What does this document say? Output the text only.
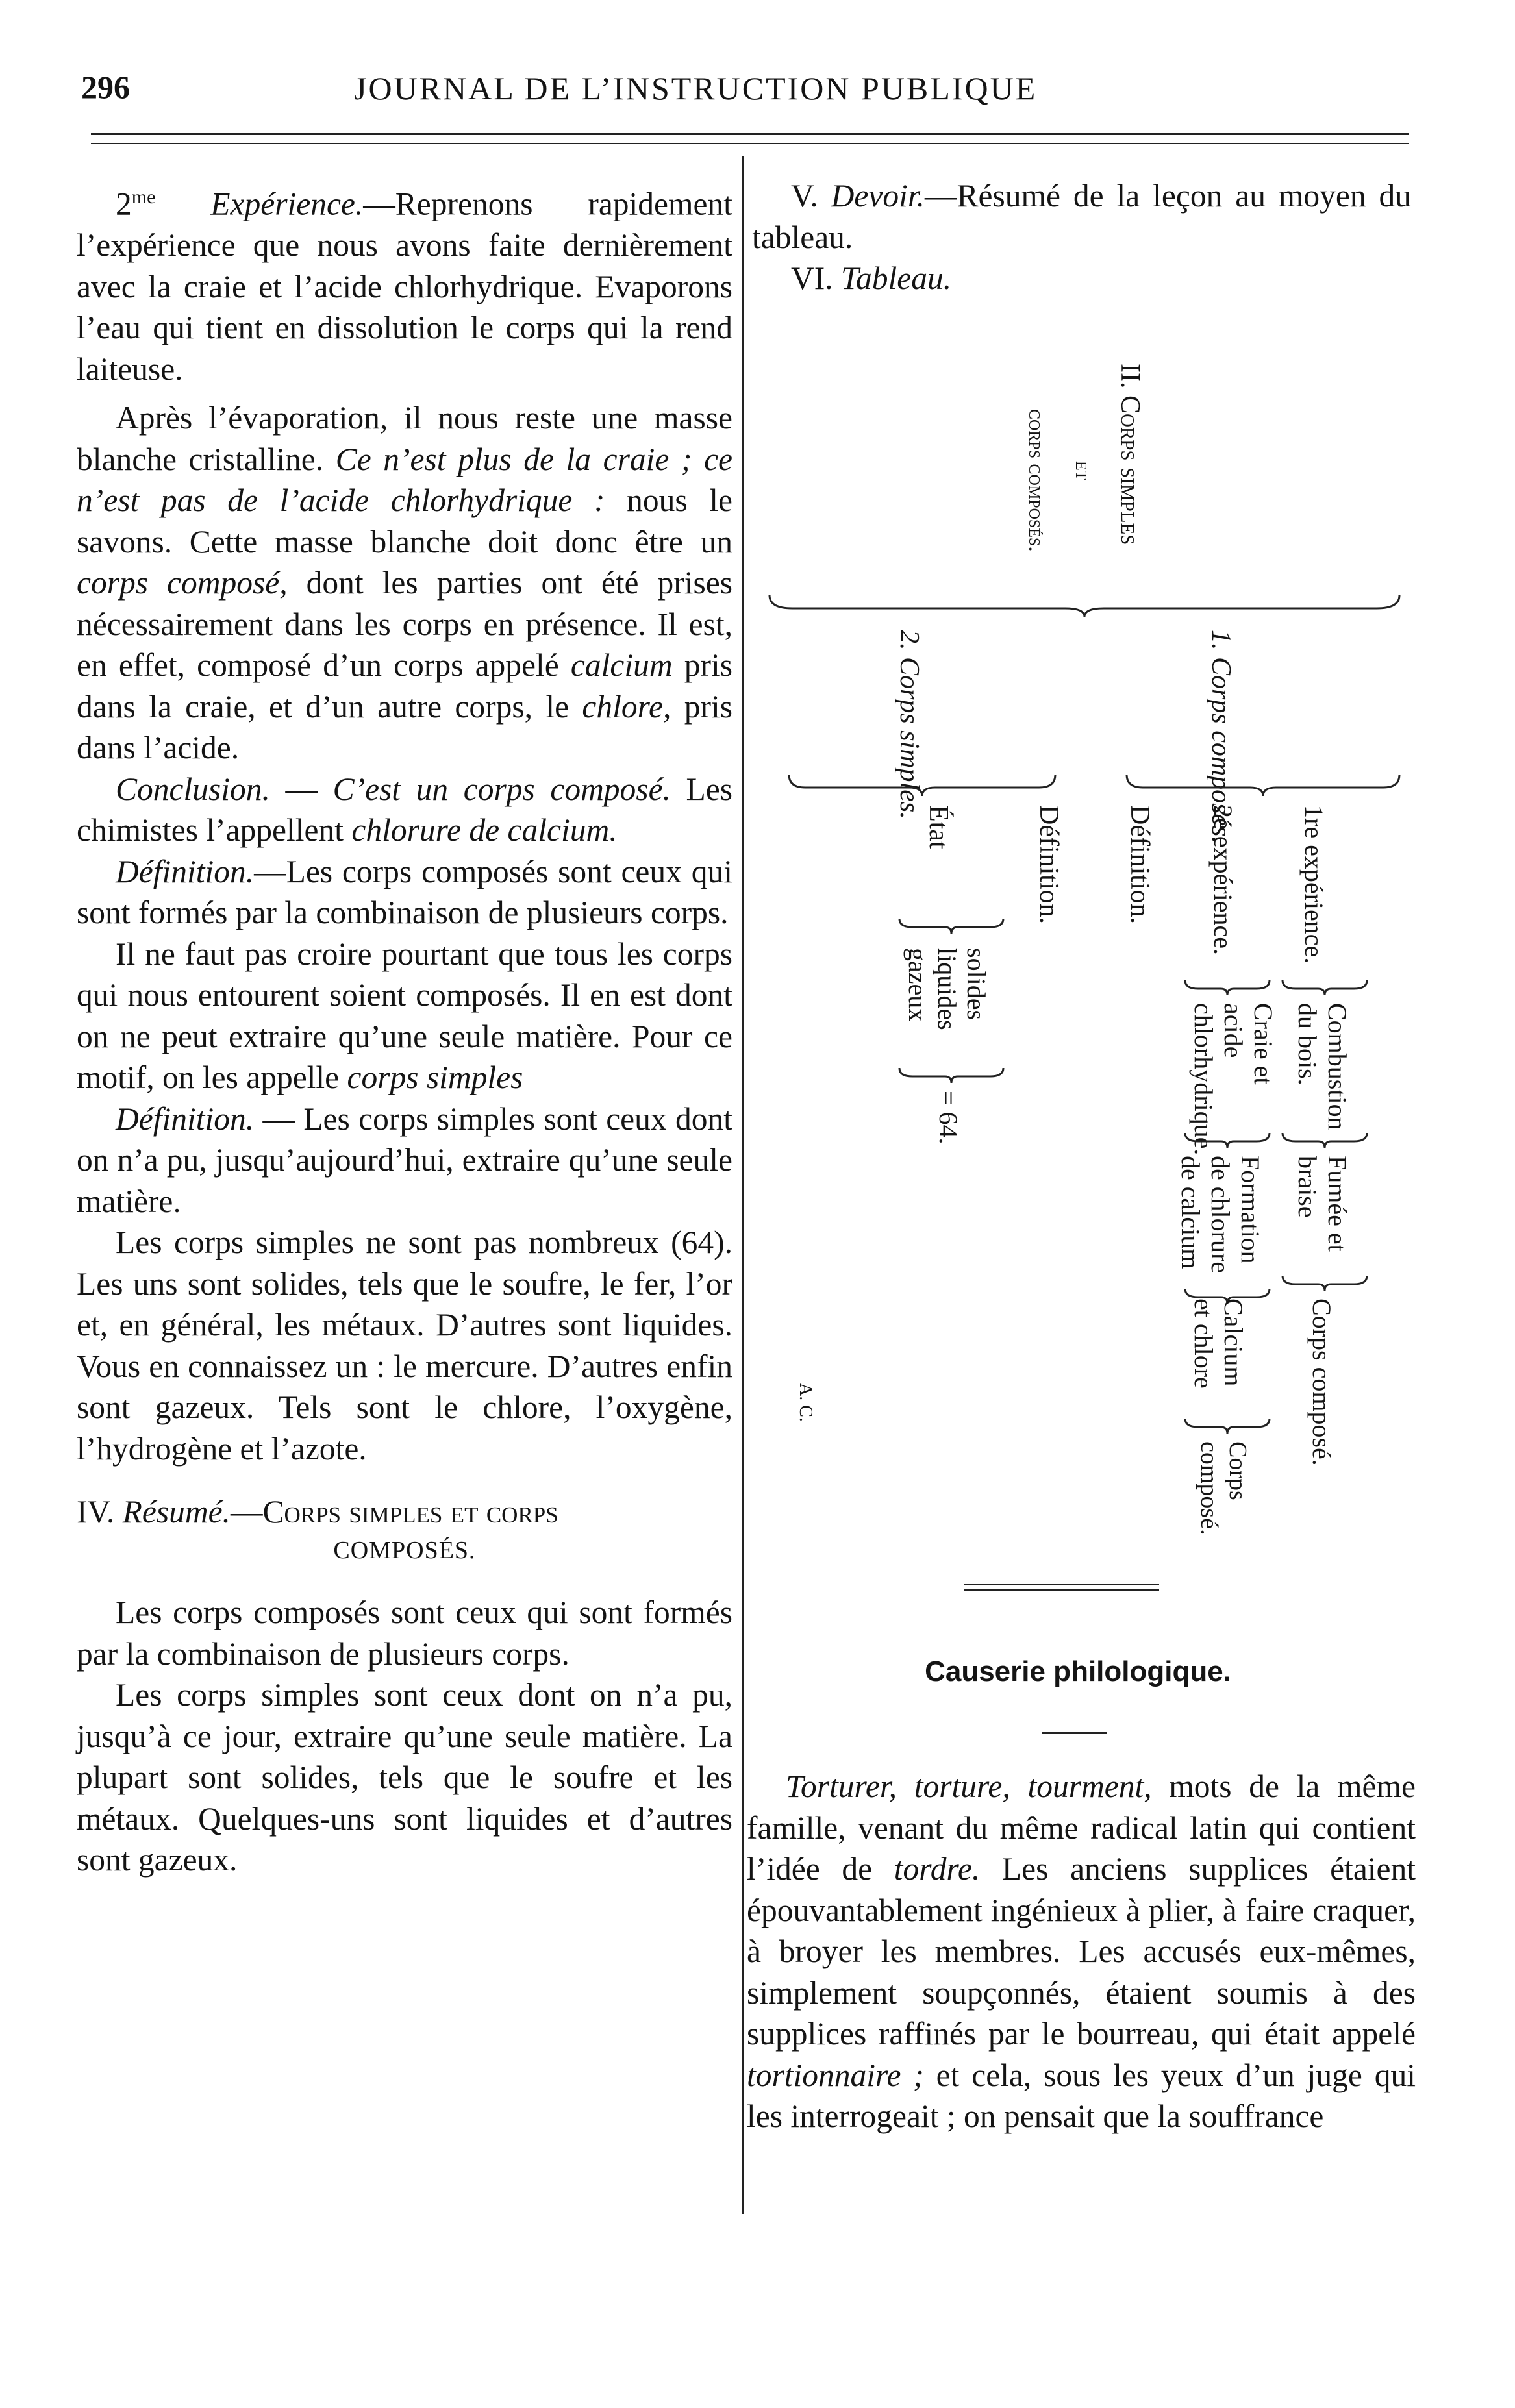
296	JOURNAL DE L’INSTRUCTION PUBLIQUE

$2^{me}$ Expérience.—Reprenons rapidement l’expérience que nous avons faite dernièrement avec la craie et l’acide chlorhydrique. Evaporons l’eau qui tient en dissolution le corps qui la rend laiteuse.

Après l’évaporation, il nous reste une masse blanche cristalline. Ce n’est plus de la craie ; ce n’est pas de l’acide chlorhydrique : nous le savons. Cette masse blanche doit donc être un corps composé, dont les parties ont été prises nécessairement dans les corps en présence. Il est, en effet, composé d’un corps appelé calcium pris dans la craie, et d’un autre corps, le chlore, pris dans l’acide.

Conclusion. — C’est un corps composé. Les chimistes l’appellent chlorure de calcium.

Définition.—Les corps composés sont ceux qui sont formés par la combinaison de plusieurs corps.

Il ne faut pas croire pourtant que tous les corps qui nous entourent soient composés. Il en est dont on ne peut extraire qu’une seule matière. Pour ce motif, on les appelle corps simples

Définition. — Les corps simples sont ceux dont on n’a pu, jusqu’aujourd’hui, extraire qu’une seule matière.

Les corps simples ne sont pas nombreux (64). Les uns sont solides, tels que le soufre, le fer, l’or et, en général, les métaux. D’autres sont liquides. Vous en connaissez un : le mercure. D’autres enfin sont gazeux. Tels sont le chlore, l’oxygène, l’hydrogène et l’azote.

IV. Résumé.—Corps simples et corps

COMPOSÉS.

Les corps composés sont ceux qui sont formés par la combinaison de plusieurs corps.

Les corps simples sont ceux dont on n’a pu, jusqu’à ce jour, extraire qu’une seule matière. La plupart sont solides, tels que le soufre et les métaux. Quelques-uns sont liquides et d’autres sont gazeux.

V. Devoir.—Résumé de la leçon au moyen du tableau.

VI. Tableau.

II. Corps simples
et
corps composés.
1. Corps composés.
2. Corps simples.
1re expérience.
2e expérience.
Définition.
Définition.
État
Combustion du bois.
Craie et acide chlorhydrique.
solides
liquides
gazeux
Fumée et braise
Formation de chlorure de calcium
= 64.
Corps composé.
Calcium et chlore
Corps composé.
A. C.
Causerie philologique.

Torturer, torture, tourment, mots de la même famille, venant du même radical latin qui contient l’idée de tordre. Les anciens supplices étaient épouvantablement ingénieux à plier, à faire craquer, à broyer les membres. Les accusés eux-mêmes, simplement soupçonnés, étaient soumis à des supplices raffinés par le bourreau, qui était appelé tortionnaire ; et cela, sous les yeux d’un juge qui les interrogeait ; on pensait que la souffrance
